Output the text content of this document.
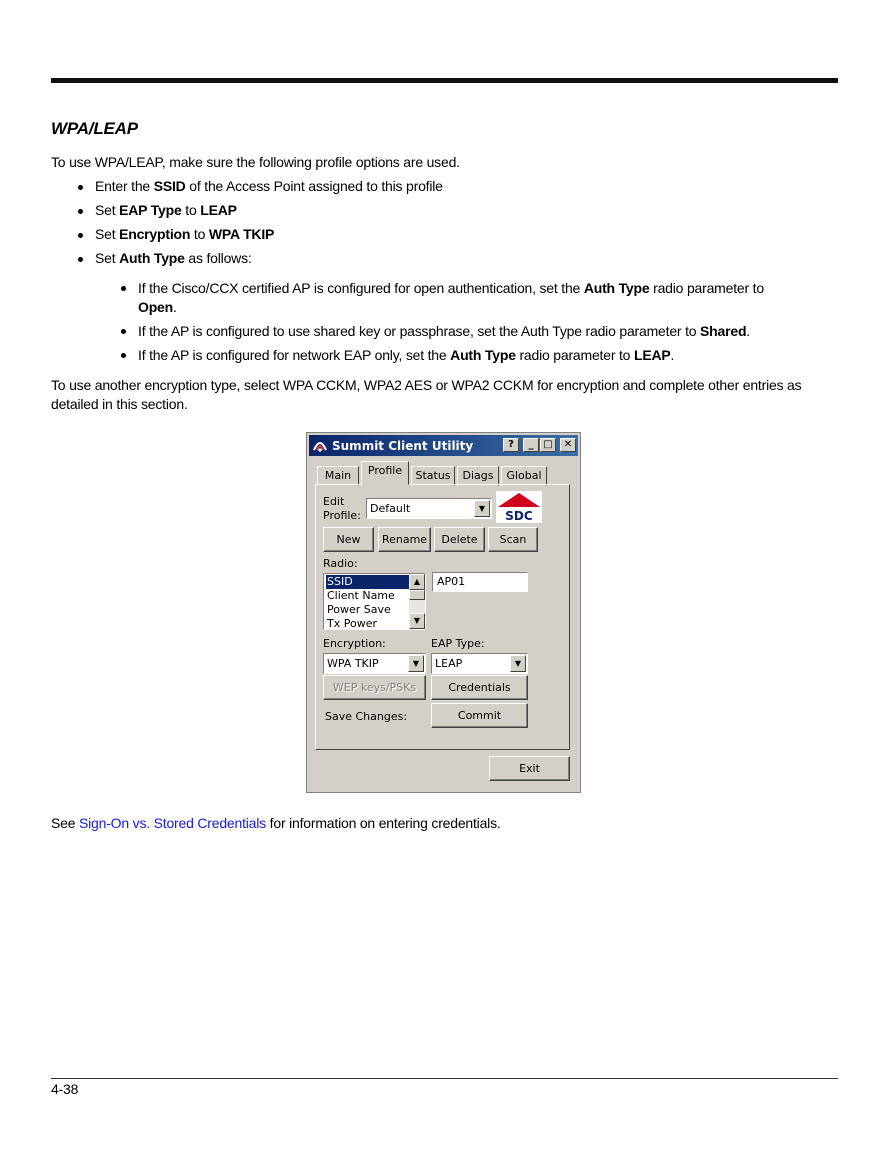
WPA/LEAP

To use WPA/LEAP, make sure the following profile options are used.

Enter the SSID of the Access Point assigned to this profile
Set EAP Type to LEAP
Set Encryption to WPA TKIP
Set Auth Type as follows:
If the Cisco/CCX certified AP is configured for open authentication, set the Auth Type radio parameter to Open.
If the AP is configured to use shared key or passphrase, set the Auth Type radio parameter to Shared.
If the AP is configured for network EAP only, set the Auth Type radio parameter to LEAP.

To use another encryption type, select WPA CCKM, WPA2 AES or WPA2 CCKM for encryption and complete other entries as detailed in this section.

Summit Client Utility	?	_ □	✕
Main	Profile	Status	Diags	Global
Edit
Profile:
Default	▼
SDC
New	Rename	Delete	Scan
Radio:
SSID
Client Name
Power Save
Tx Power
▲
▼
AP01
Encryption:	EAP Type:
WPA TKIP	▼	LEAP	▼
WEP keys/PSKs	Credentials
Save Changes:	Commit
Exit

See Sign-On vs. Stored Credentials for information on entering credentials.

4-38
